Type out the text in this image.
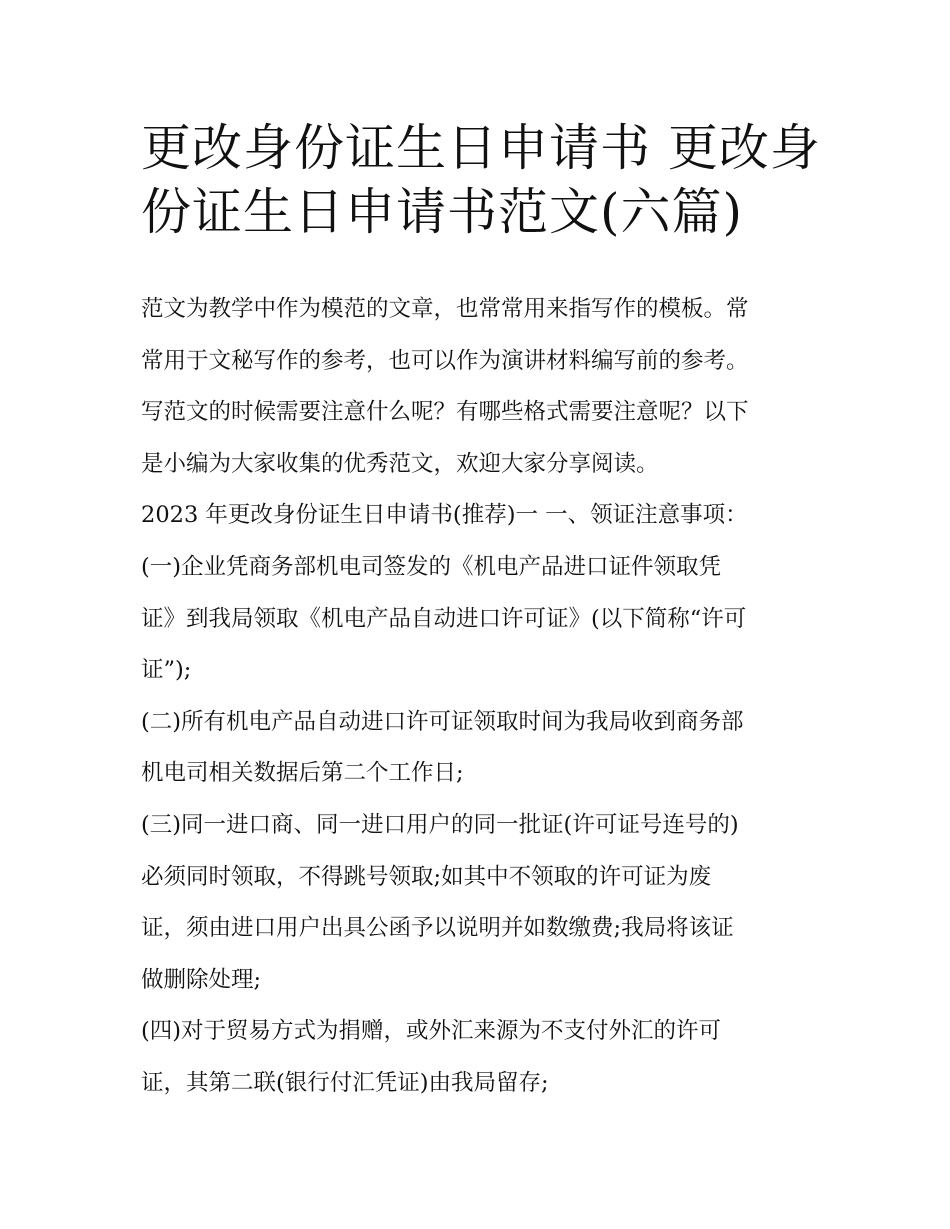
更改身份证生日申请书 更改身
份证生日申请书范文(六篇)
范文为教学中作为模范的文章，也常常用来指写作的模板。常
常用于文秘写作的参考，也可以作为演讲材料编写前的参考。
写范文的时候需要注意什么呢？有哪些格式需要注意呢？以下
是小编为大家收集的优秀范文，欢迎大家分享阅读。
2023 年更改身份证生日申请书(推荐)一 一、领证注意事项：
(一)企业凭商务部机电司签发的《机电产品进口证件领取凭
证》到我局领取《机电产品自动进口许可证》(以下简称“许可
证”);
(二)所有机电产品自动进口许可证领取时间为我局收到商务部
机电司相关数据后第二个工作日;
(三)同一进口商、同一进口用户的同一批证(许可证号连号的)
必须同时领取，不得跳号领取;如其中不领取的许可证为废
证，须由进口用户出具公函予以说明并如数缴费;我局将该证
做删除处理;
(四)对于贸易方式为捐赠，或外汇来源为不支付外汇的许可
证，其第二联(银行付汇凭证)由我局留存;
